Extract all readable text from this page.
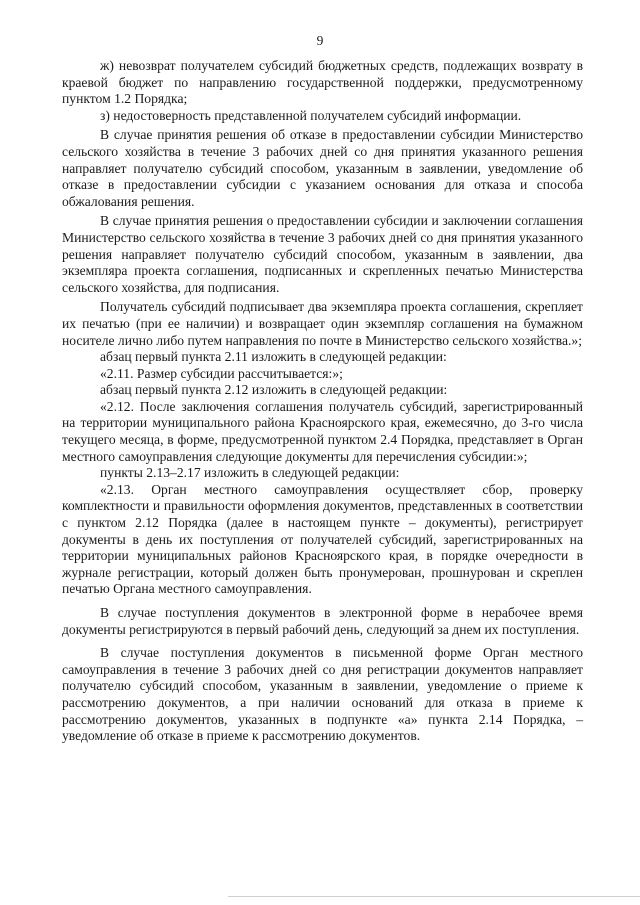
9

ж) невозврат получателем субсидий бюджетных средств, подлежащих возврату в краевой бюджет по направлению государственной поддержки, предусмотренному пунктом 1.2 Порядка;

з) недостоверность представленной получателем субсидий информации.

В случае принятия решения об отказе в предоставлении субсидии Министерство сельского хозяйства в течение 3 рабочих дней со дня принятия указанного решения направляет получателю субсидий способом, указанным в заявлении, уведомление об отказе в предоставлении субсидии с указанием основания для отказа и способа обжалования решения.

В случае принятия решения о предоставлении субсидии и заключении соглашения Министерство сельского хозяйства в течение 3 рабочих дней со дня принятия указанного решения направляет получателю субсидий способом, указанным в заявлении, два экземпляра проекта соглашения, подписанных и скрепленных печатью Министерства сельского хозяйства, для подписания.

Получатель субсидий подписывает два экземпляра проекта соглашения, скрепляет их печатью (при ее наличии) и возвращает один экземпляр соглашения на бумажном носителе лично либо путем направления по почте в Министерство сельского хозяйства.»;

абзац первый пункта 2.11 изложить в следующей редакции:

«2.11. Размер субсидии рассчитывается:»;

абзац первый пункта 2.12 изложить в следующей редакции:

«2.12. После заключения соглашения получатель субсидий, зарегистрированный на территории муниципального района Красноярского края, ежемесячно, до 3-го числа текущего месяца, в форме, предусмотренной пунктом 2.4 Порядка, представляет в Орган местного самоуправления следующие документы для перечисления субсидии:»;

пункты 2.13–2.17 изложить в следующей редакции:

«2.13. Орган местного самоуправления осуществляет сбор, проверку комплектности и правильности оформления документов, представленных в соответствии с пунктом 2.12 Порядка (далее в настоящем пункте – документы), регистрирует документы в день их поступления от получателей субсидий, зарегистрированных на территории муниципальных районов Красноярского края, в порядке очередности в журнале регистрации, который должен быть пронумерован, прошнурован и скреплен печатью Органа местного самоуправления.

В случае поступления документов в электронной форме в нерабочее время документы регистрируются в первый рабочий день, следующий за днем их поступления.

В случае поступления документов в письменной форме Орган местного самоуправления в течение 3 рабочих дней со дня регистрации документов направляет получателю субсидий способом, указанным в заявлении, уведомление о приеме к рассмотрению документов, а при наличии оснований для отказа в приеме к рассмотрению документов, указанных в подпункте «а» пункта 2.14 Порядка, – уведомление об отказе в приеме к рассмотрению документов.
